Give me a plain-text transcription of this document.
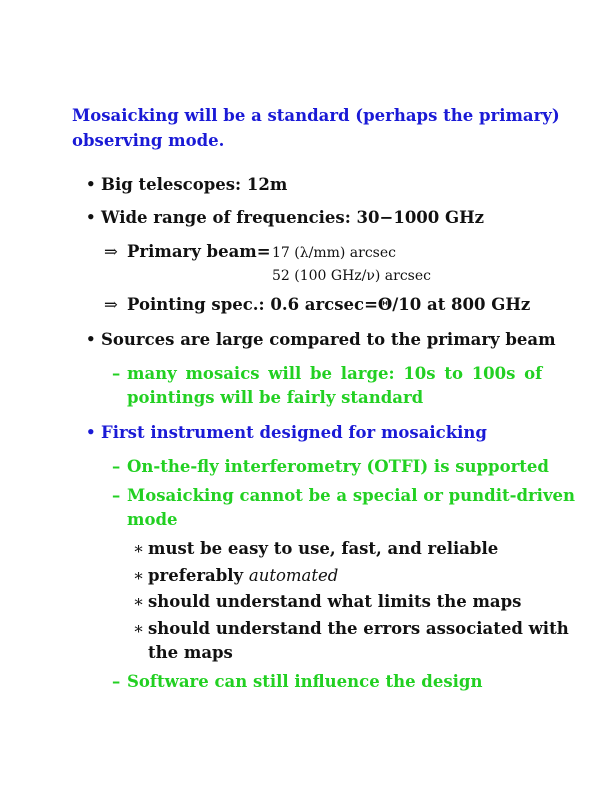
Mosaicking will be a standard (perhaps the primary)
observing mode.
• Big telescopes: 12m
• Wide range of frequencies: 30−1000 GHz
⇒ Primary beam= 17 (λ/mm) arcsec
52 (100 GHz/ν) arcsec
⇒ Pointing spec.: 0.6 arcsec=Θ/10 at 800 GHz
• Sources are large compared to the primary beam
– many mosaics will be large: 10s to 100s of
pointings will be fairly standard
• First instrument designed for mosaicking
– On-the-fly interferometry (OTFI) is supported
– Mosaicking cannot be a special or pundit-driven
mode
∗ must be easy to use, fast, and reliable
∗ preferably automated
∗ should understand what limits the maps
∗ should understand the errors associated with
the maps
– Software can still influence the design
